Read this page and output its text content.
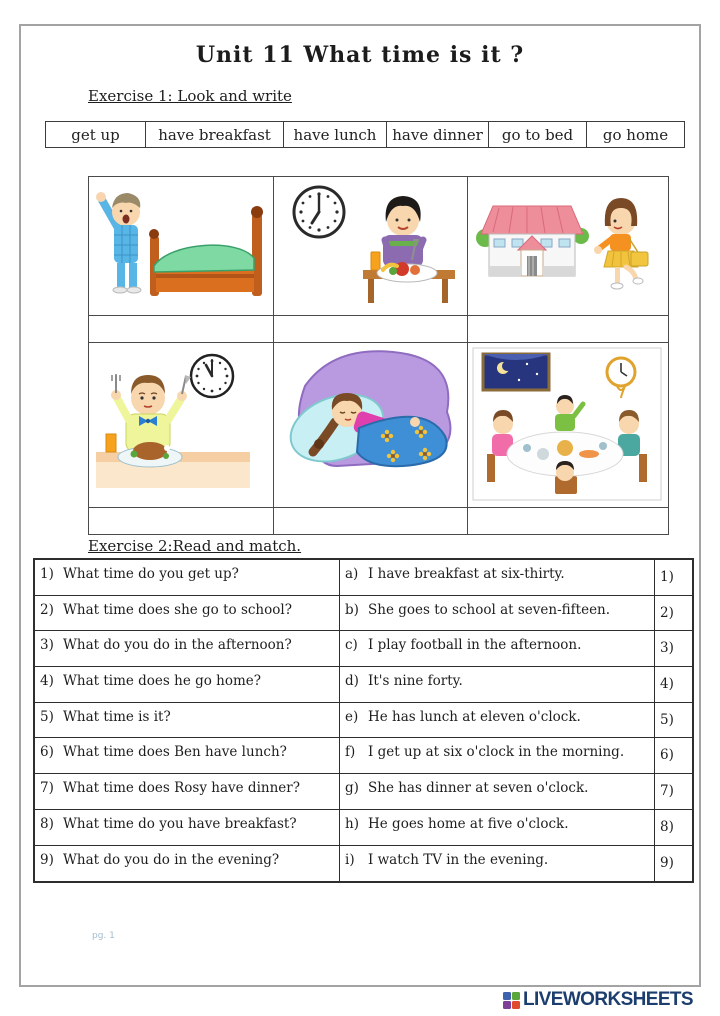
Unit 11 What time is it ?
Exercise 1: Look and write
get up	have breakfast	have lunch	have dinner	go to bed	go home
Exercise 2:Read and match.
1) What time do you get up?	a) I have breakfast at six-thirty.	1)
2) What time does she go to school?	b) She goes to school at seven-fifteen.	2)
3) What do you do in the afternoon?	c) I play football in the afternoon.	3)
4) What time does he go home?	d) It's nine forty.	4)
5) What time is it?	e) He has lunch at eleven o'clock.	5)
6) What time does Ben have lunch?	f) I get up at six o'clock in the morning.	6)
7) What time does Rosy have dinner?	g) She has dinner at seven o'clock.	7)
8) What time do you have breakfast?	h) He goes home at five o'clock.	8)
9) What do you do in the evening?	i) I watch TV in the evening.	9)
pg. 1
LIVEWORKSHEETS
